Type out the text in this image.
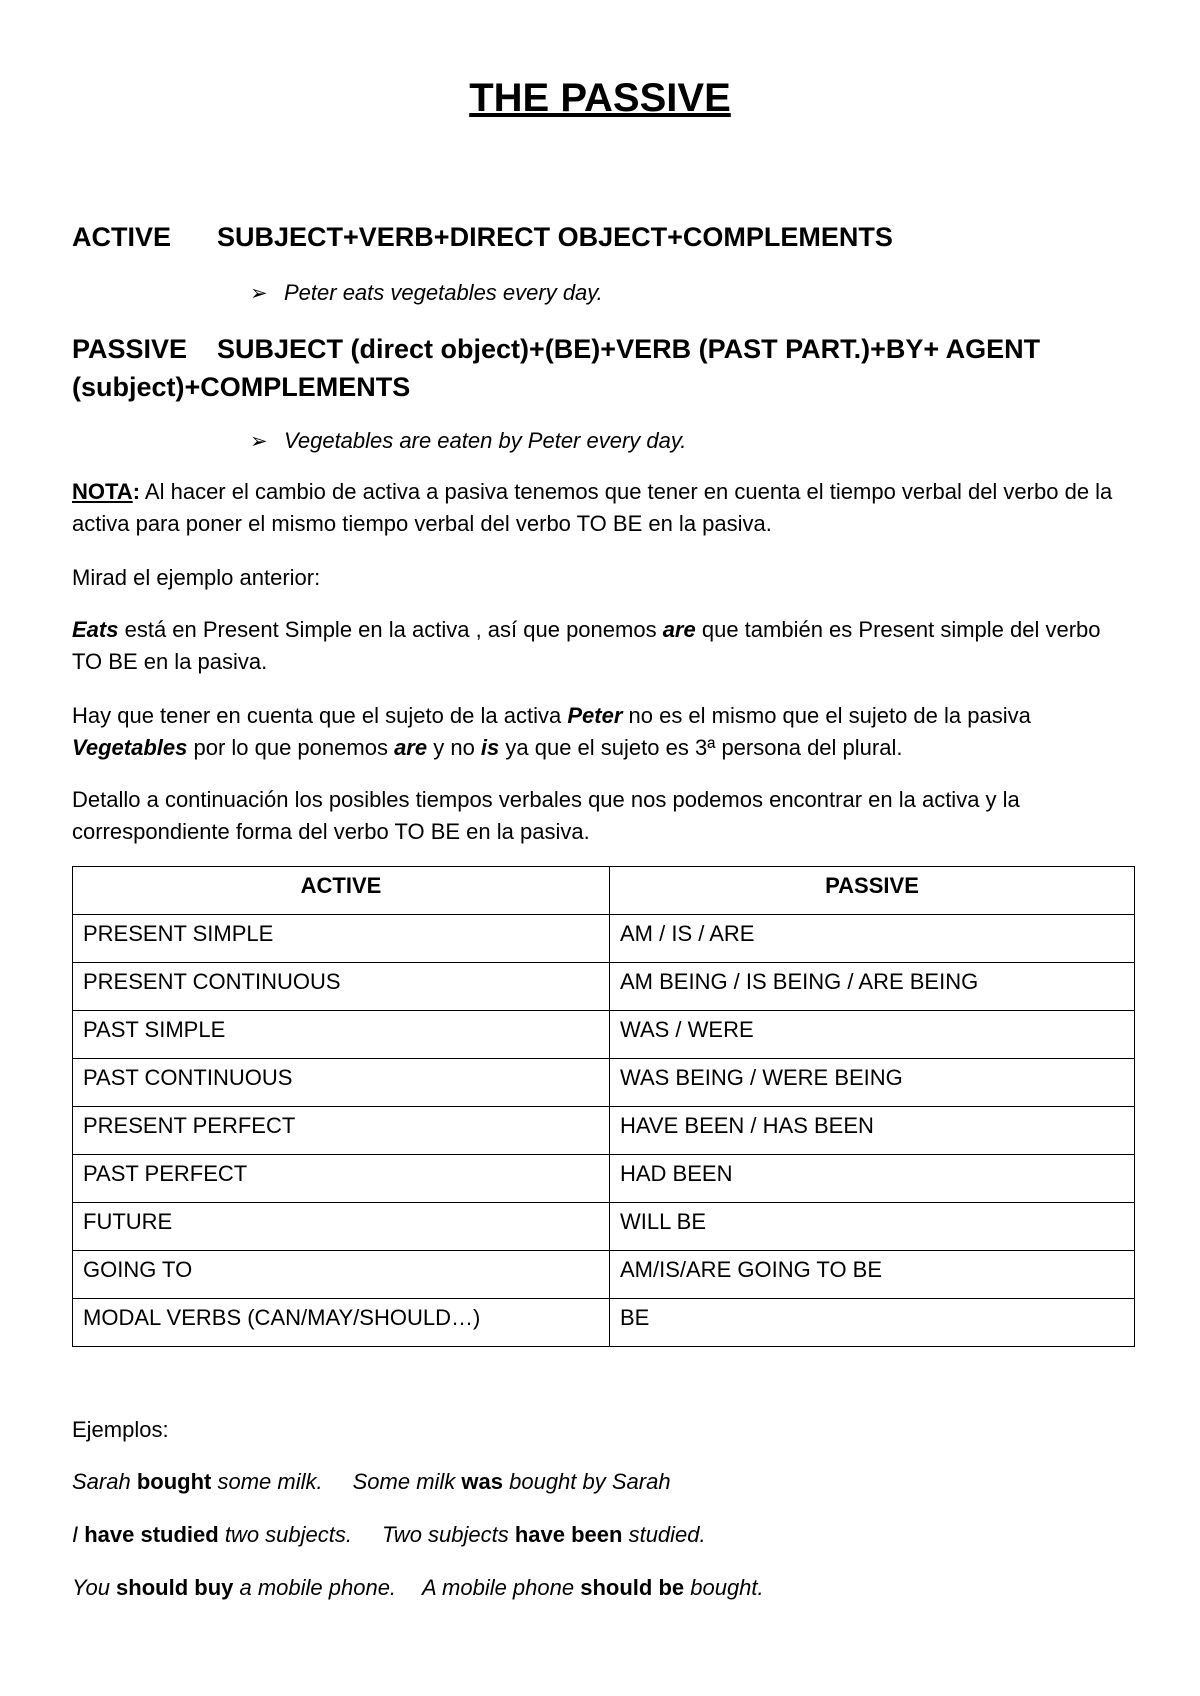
THE PASSIVE
ACTIVE SUBJECT+VERB+DIRECT OBJECT+COMPLEMENTS
➢ Peter eats vegetables every day.
PASSIVE SUBJECT (direct object)+(BE)+VERB (PAST PART.)+BY+ AGENT
(subject)+COMPLEMENTS
➢ Vegetables are eaten by Peter every day.

NOTA: Al hacer el cambio de activa a pasiva tenemos que tener en cuenta el tiempo verbal del verbo de la activa para poner el mismo tiempo verbal del verbo TO BE en la pasiva.

Mirad el ejemplo anterior:

Eats está en Present Simple en la activa , así que ponemos are que también es Present simple del verbo TO BE en la pasiva.

Hay que tener en cuenta que el sujeto de la activa Peter no es el mismo que el sujeto de la pasiva Vegetables por lo que ponemos are y no is ya que el sujeto es 3ª persona del plural.

Detallo a continuación los posibles tiempos verbales que nos podemos encontrar en la activa y la correspondiente forma del verbo TO BE en la pasiva.
ACTIVE	PASSIVE
PRESENT SIMPLE	AM / IS / ARE
PRESENT CONTINUOUS	AM BEING / IS BEING / ARE BEING
PAST SIMPLE	WAS / WERE
PAST CONTINUOUS	WAS BEING / WERE BEING
PRESENT PERFECT	HAVE BEEN / HAS BEEN
PAST PERFECT	HAD BEEN
FUTURE	WILL BE
GOING TO	AM/IS/ARE GOING TO BE
MODAL VERBS (CAN/MAY/SHOULD…)	BE
Ejemplos:
Sarah bought some milk. Some milk was bought by Sarah
I have studied two subjects. Two subjects have been studied.
You should buy a mobile phone. A mobile phone should be bought.
